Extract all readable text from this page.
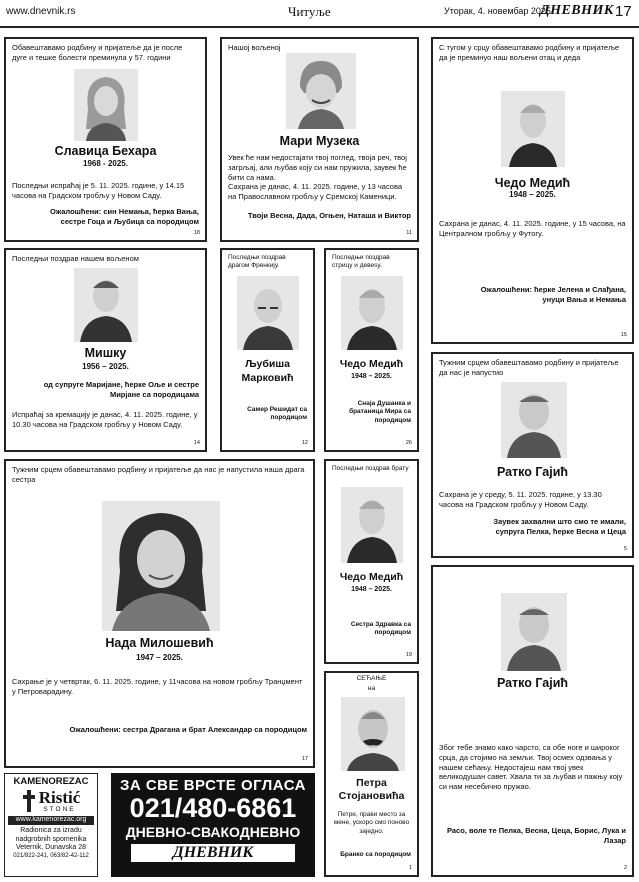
www.dnevnik.rs	Читуље	Уторак, 4. новембар 2025.
ДНЕВНИК 17
Обавештавамо родбину и пријатеље да је после дуге и тешке болести преминула у 57. години
Славица Бехара
1968 - 2025.
Последњи испраћај је 5. 11. 2025. године, у 14.15 часова на Градском гробљу у Новом Саду.
Ожалошћени: син Немања, ћерка Вања, сестре Гоца и Љубица са породицом
18
Нашој вољеној
Мари Музека
Увек ће нам недостајати твој поглед, твоја реч, твој загрљај, али љубав коју си нам пружила, заувек ће бити са нама.
Сахрана је данас, 4. 11. 2025. године, у 13 часова на Православном гробљу у Сремској Каменици.
Твоји Весна, Дада, Огњен, Наташа и Виктор
11
С тугом у срцу обавештавамо родбину и пријатеље да је преминуо наш вољени отац и деда
Чедо Медић
1948 – 2025.
Сахрана је данас, 4. 11. 2025. године, у 15 часова, на Централном гробљу у Футогу.
Ожалошћени: ћерке Јелена и Слађана, унуци Вања и Немања
15
Последњи поздрав нашем вољеном
Мишку
1956 – 2025.
од супруге Маријане, ћерке Оље и сестре Мирјане са породицама
Испраћај за кремацију је данас, 4. 11. 2025. године, у 10.30 часова на Градском гробљу у Новом Саду.
14
Последњи поздрав драгом Френкију.
Љубиша Марковић
Самер Решидат са породицом
12
Последњи поздрав стрицу и девеѕу.
Чедо Медић
1948 – 2025.
Снаја Душанка и братаница Мира са породицом
26
Тужним срцем обавештавамо родбину и пријатеље да нас је напустио
Ратко Гајић
Сахрана је у среду, 5. 11. 2025. године, у 13.30 часова на Градском гробљу у Новом Саду.
Заувек захвални што смо те имали, супруга Пелка, ћерке Весна и Цеца
5
Тужним срцем обавештавамо родбину и пријатеље да нас је напустила наша драга сестра
Нада Милошевић
1947 – 2025.
Сахрање је у четвртак, 6. 11. 2025. године, у 11часова на новом гробљу Транџмент у Петроварадину.
Ожалошћени: сестра Драгана и брат Александар са породицом
17
Последњи поздрав брату
Чедо Медић
1948 – 2025.
Сестра Здравка са породицом
19
СЕЋАЊЕ
на
Петра Стојановића
Петре, прави место за мене, ускоро смо поново заједно.
Бранко са породицом
1
Ратко Гајић
Због тебе знамо како чарсто, са обе ноге и широког срца, да стојимо на земљи. Твој осмех одзвања у нашем сећању. Недостајеш нам твој увек великодушан савет. Хвала ти за љубав и пажњу коју си нам несебично пружао.
Расо, воле те Пелка, Весна, Цеца, Борис, Лука и Лазар
2
KAMENOREZAC
Ristić
STONE
www.kamenorezac.org
Radionica za izradu
nadgrobnih spomenika
Veternik, Dunavska 28
021/822-241, 063/82-42-112
ЗА СВЕ ВРСТЕ ОГЛАСА
021/480-6861
ДНЕВНО-СВАКОДНЕВНО
ДНЕВНИК
